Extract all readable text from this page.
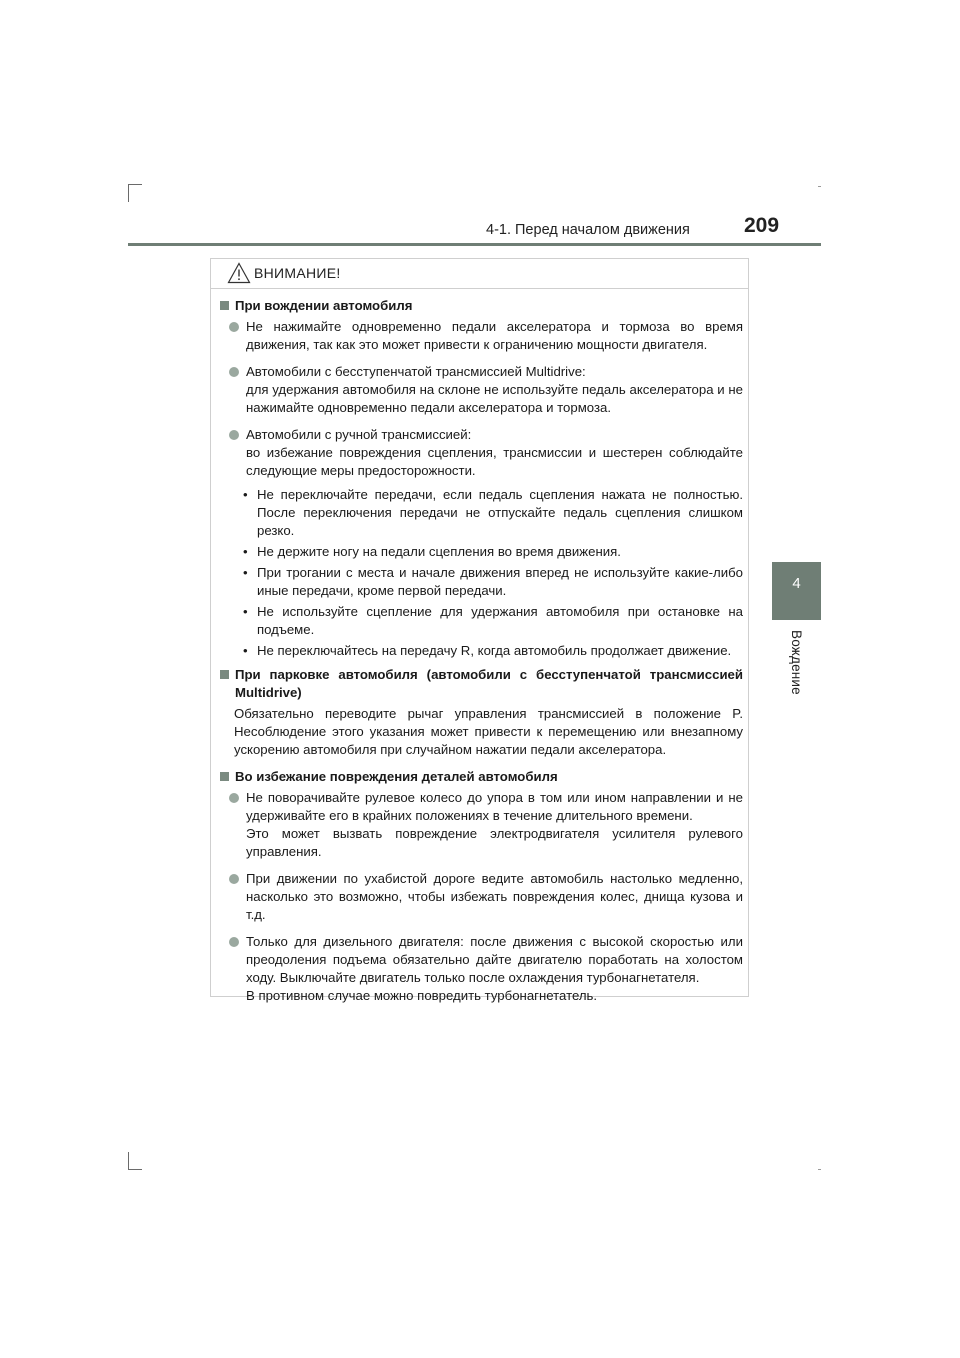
4-1. Перед началом движения	209
4
Вождение
ВНИМАНИЕ!
При вождении автомобиля
Не нажимайте одновременно педали акселератора и тормоза во время движения, так как это может привести к ограничению мощности двигателя.
Автомобили с бесступенчатой трансмиссией Multidrive:
для удержания автомобиля на склоне не используйте педаль акселератора и не нажимайте одновременно педали акселератора и тормоза.
Автомобили с ручной трансмиссией:
во избежание повреждения сцепления, трансмиссии и шестерен соблюдайте следующие меры предосторожности.
• Не переключайте передачи, если педаль сцепления нажата не полностью. После переключения передачи не отпускайте педаль сцепления слишком резко.
• Не держите ногу на педали сцепления во время движения.
• При трогании с места и начале движения вперед не используйте какие-либо иные передачи, кроме первой передачи.
• Не используйте сцепление для удержания автомобиля при остановке на подъеме.
• Не переключайтесь на передачу R, когда автомобиль продолжает движение.
При парковке автомобиля (автомобили с бесступенчатой трансмиссией Multidrive)
Обязательно переводите рычаг управления трансмиссией в положение P. Несоблюдение этого указания может привести к перемещению или внезапному ускорению автомобиля при случайном нажатии педали акселератора.
Во избежание повреждения деталей автомобиля
Не поворачивайте рулевое колесо до упора в том или ином направлении и не удерживайте его в крайних положениях в течение длительного времени.
Это может вызвать повреждение электродвигателя усилителя рулевого управления.
При движении по ухабистой дороге ведите автомобиль настолько медленно, насколько это возможно, чтобы избежать повреждения колес, днища кузова и т.д.
Только для дизельного двигателя: после движения с высокой скоростью или преодоления подъема обязательно дайте двигателю поработать на холостом ходу. Выключайте двигатель только после охлаждения турбонагнетателя.
В противном случае можно повредить турбонагнетатель.
